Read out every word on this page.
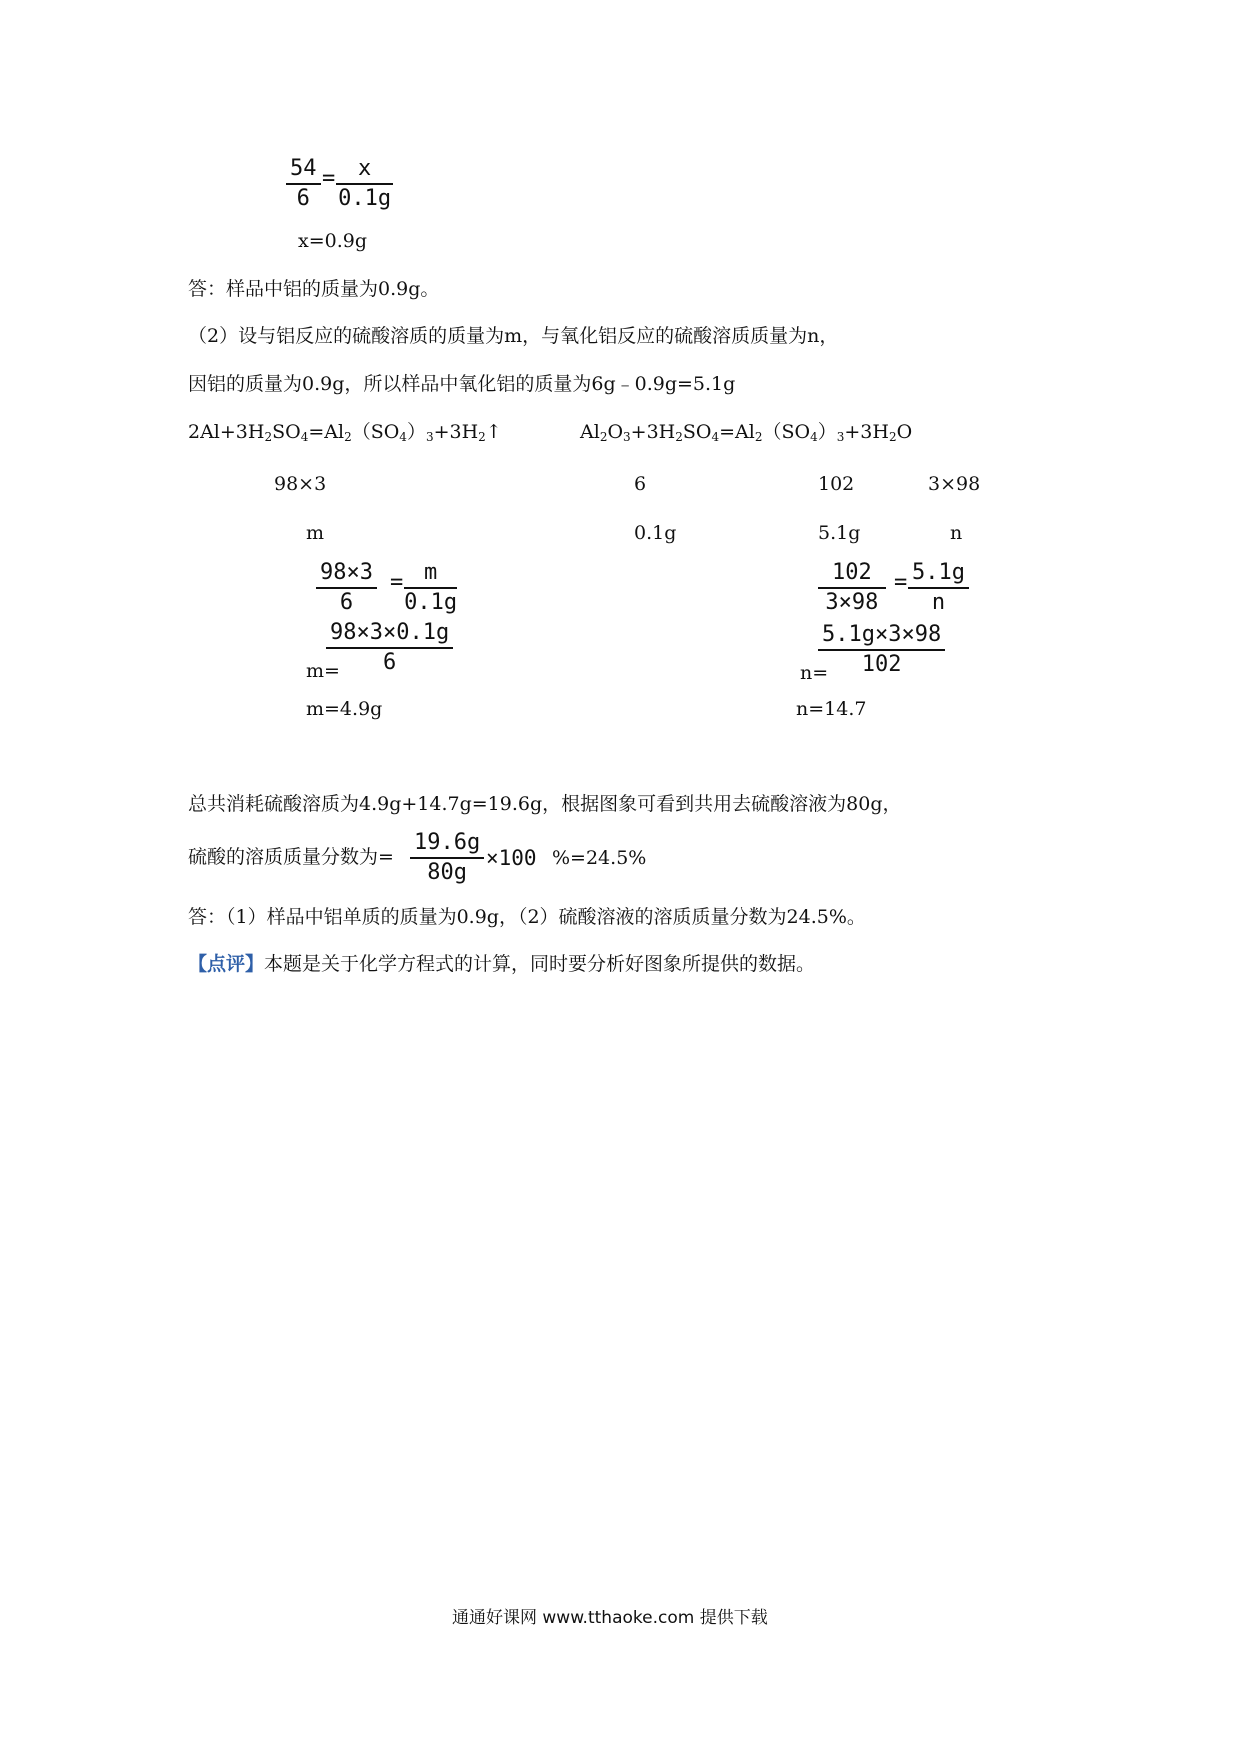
$\frac{54}{6} = \frac{x}{0.1g}$
x=0.9g
答：样品中铝的质量为0.9g。
（2）设与铝反应的硫酸溶质的质量为m，与氧化铝反应的硫酸溶质质量为n，
因铝的质量为0.9g，所以样品中氧化铝的质量为6g﹣0.9g=5.1g
$2Al+3H_2SO_4=Al_2(SO_4)_3+3H_2↑$	$Al_2O_3+3H_2SO_4=Al_2(SO_4)_3+3H_2O$
98×3	6	102	3×98
m	0.1g	5.1g	n
$\frac{98\times 3}{6} = \frac{m}{0.1g}$
m=
$\frac{98\times 3\times 0.1g}{6}$
m=4.9g
$\frac{102}{3\times 98} = \frac{5.1g}{n}$
n=
$\frac{5.1g\times 3\times 98}{102}$
n=14.7
总共消耗硫酸溶质为4.9g+14.7g=19.6g，根据图象可看到共用去硫酸溶液为80g，
硫酸的溶质质量分数为= $\frac{19.6g}{80g} \times 100$ %=24.5%
答：（1）样品中铝单质的质量为0.9g，（2）硫酸溶液的溶质质量分数为24.5%。
【点评】本题是关于化学方程式的计算，同时要分析好图象所提供的数据。
通通好课网 www.tthaoke.com 提供下载
